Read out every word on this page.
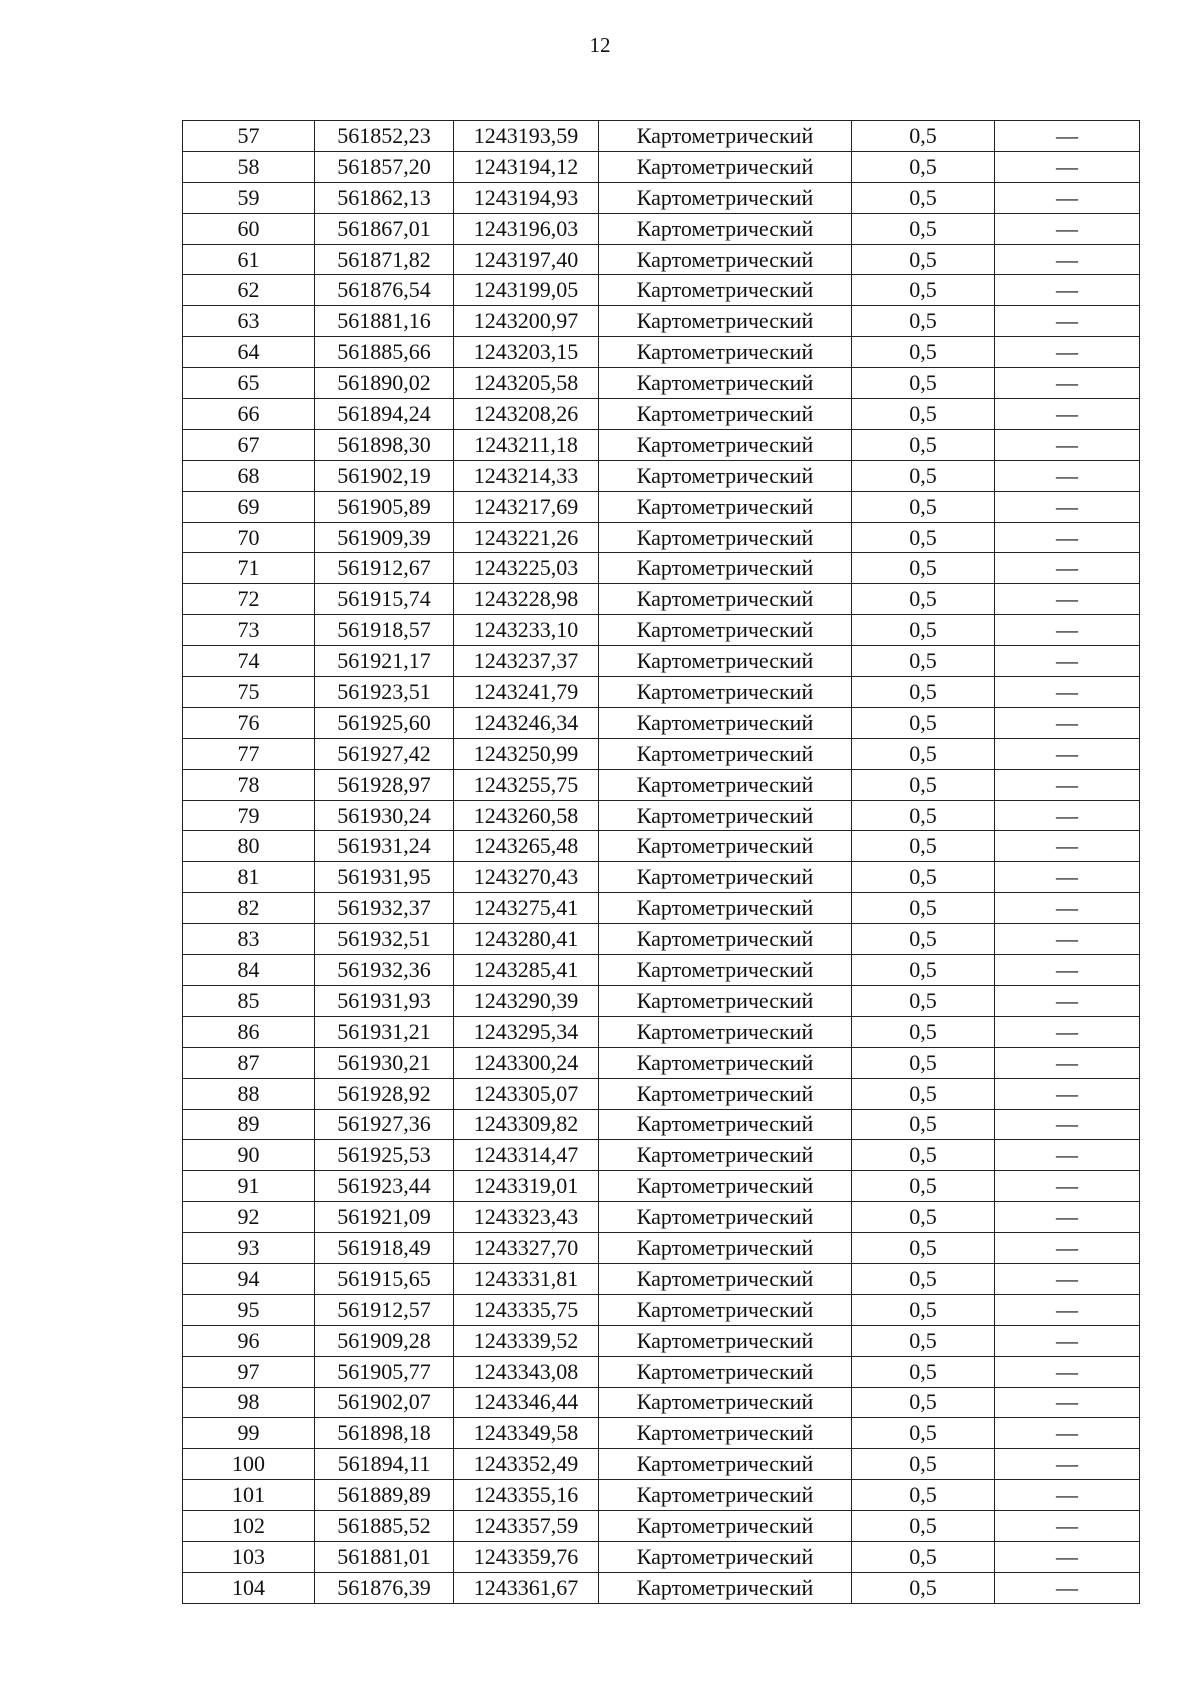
12
57	561852,23	1243193,59	Картометрический	0,5	—
58	561857,20	1243194,12	Картометрический	0,5	—
59	561862,13	1243194,93	Картометрический	0,5	—
60	561867,01	1243196,03	Картометрический	0,5	—
61	561871,82	1243197,40	Картометрический	0,5	—
62	561876,54	1243199,05	Картометрический	0,5	—
63	561881,16	1243200,97	Картометрический	0,5	—
64	561885,66	1243203,15	Картометрический	0,5	—
65	561890,02	1243205,58	Картометрический	0,5	—
66	561894,24	1243208,26	Картометрический	0,5	—
67	561898,30	1243211,18	Картометрический	0,5	—
68	561902,19	1243214,33	Картометрический	0,5	—
69	561905,89	1243217,69	Картометрический	0,5	—
70	561909,39	1243221,26	Картометрический	0,5	—
71	561912,67	1243225,03	Картометрический	0,5	—
72	561915,74	1243228,98	Картометрический	0,5	—
73	561918,57	1243233,10	Картометрический	0,5	—
74	561921,17	1243237,37	Картометрический	0,5	—
75	561923,51	1243241,79	Картометрический	0,5	—
76	561925,60	1243246,34	Картометрический	0,5	—
77	561927,42	1243250,99	Картометрический	0,5	—
78	561928,97	1243255,75	Картометрический	0,5	—
79	561930,24	1243260,58	Картометрический	0,5	—
80	561931,24	1243265,48	Картометрический	0,5	—
81	561931,95	1243270,43	Картометрический	0,5	—
82	561932,37	1243275,41	Картометрический	0,5	—
83	561932,51	1243280,41	Картометрический	0,5	—
84	561932,36	1243285,41	Картометрический	0,5	—
85	561931,93	1243290,39	Картометрический	0,5	—
86	561931,21	1243295,34	Картометрический	0,5	—
87	561930,21	1243300,24	Картометрический	0,5	—
88	561928,92	1243305,07	Картометрический	0,5	—
89	561927,36	1243309,82	Картометрический	0,5	—
90	561925,53	1243314,47	Картометрический	0,5	—
91	561923,44	1243319,01	Картометрический	0,5	—
92	561921,09	1243323,43	Картометрический	0,5	—
93	561918,49	1243327,70	Картометрический	0,5	—
94	561915,65	1243331,81	Картометрический	0,5	—
95	561912,57	1243335,75	Картометрический	0,5	—
96	561909,28	1243339,52	Картометрический	0,5	—
97	561905,77	1243343,08	Картометрический	0,5	—
98	561902,07	1243346,44	Картометрический	0,5	—
99	561898,18	1243349,58	Картометрический	0,5	—
100	561894,11	1243352,49	Картометрический	0,5	—
101	561889,89	1243355,16	Картометрический	0,5	—
102	561885,52	1243357,59	Картометрический	0,5	—
103	561881,01	1243359,76	Картометрический	0,5	—
104	561876,39	1243361,67	Картометрический	0,5	—
